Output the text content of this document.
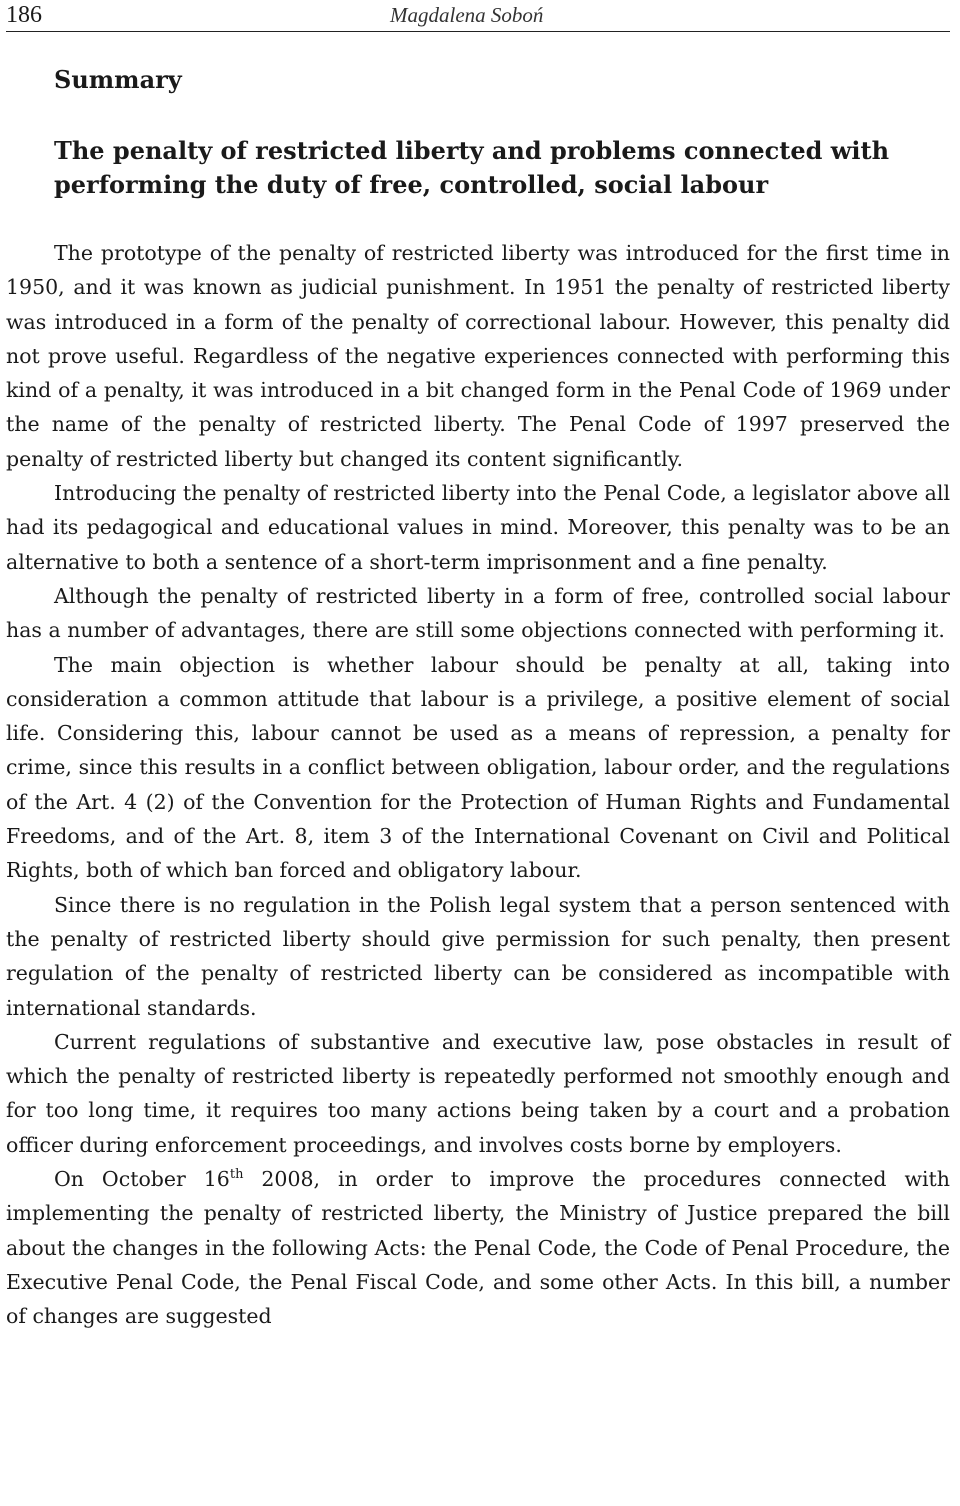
186	Magdalena Soboń
Summary
The penalty of restricted liberty and problems connected with performing the duty of free, controlled, social labour

The prototype of the penalty of restricted liberty was introduced for the first time in 1950, and it was known as judicial punishment. In 1951 the penalty of restricted liberty was introduced in a form of the penalty of correctional labour. However, this penalty did not prove useful. Regardless of the negative experiences connected with performing this kind of a penalty, it was introduced in a bit changed form in the Penal Code of 1969 under the name of the penalty of restricted liberty. The Penal Code of 1997 preserved the penalty of restricted liberty but changed its content significantly.

Introducing the penalty of restricted liberty into the Penal Code, a legislator above all had its pedagogical and educational values in mind. Moreover, this penalty was to be an alternative to both a sentence of a short-term imprisonment and a fine penalty.

Although the penalty of restricted liberty in a form of free, controlled social labour has a number of advantages, there are still some objections connected with performing it.

The main objection is whether labour should be penalty at all, taking into consideration a common attitude that labour is a privilege, a positive element of social life. Considering this, labour cannot be used as a means of repression, a penalty for crime, since this results in a conflict between obligation, labour order, and the regulations of the Art. 4 (2) of the Convention for the Protection of Human Rights and Fundamental Freedoms, and of the Art. 8, item 3 of the International Covenant on Civil and Political Rights, both of which ban forced and obligatory labour.

Since there is no regulation in the Polish legal system that a person sentenced with the penalty of restricted liberty should give permission for such penalty, then present regulation of the penalty of restricted liberty can be considered as incompatible with international standards.

Current regulations of substantive and executive law, pose obstacles in result of which the penalty of restricted liberty is repeatedly performed not smoothly enough and for too long time, it requires too many actions being taken by a court and a probation officer during enforcement proceedings, and involves costs borne by employers.

On October 16th 2008, in order to improve the procedures connected with implementing the penalty of restricted liberty, the Ministry of Justice prepared the bill about the changes in the following Acts: the Penal Code, the Code of Penal Procedure, the Executive Penal Code, the Penal Fiscal Code, and some other Acts. In this bill, a number of changes are suggested
